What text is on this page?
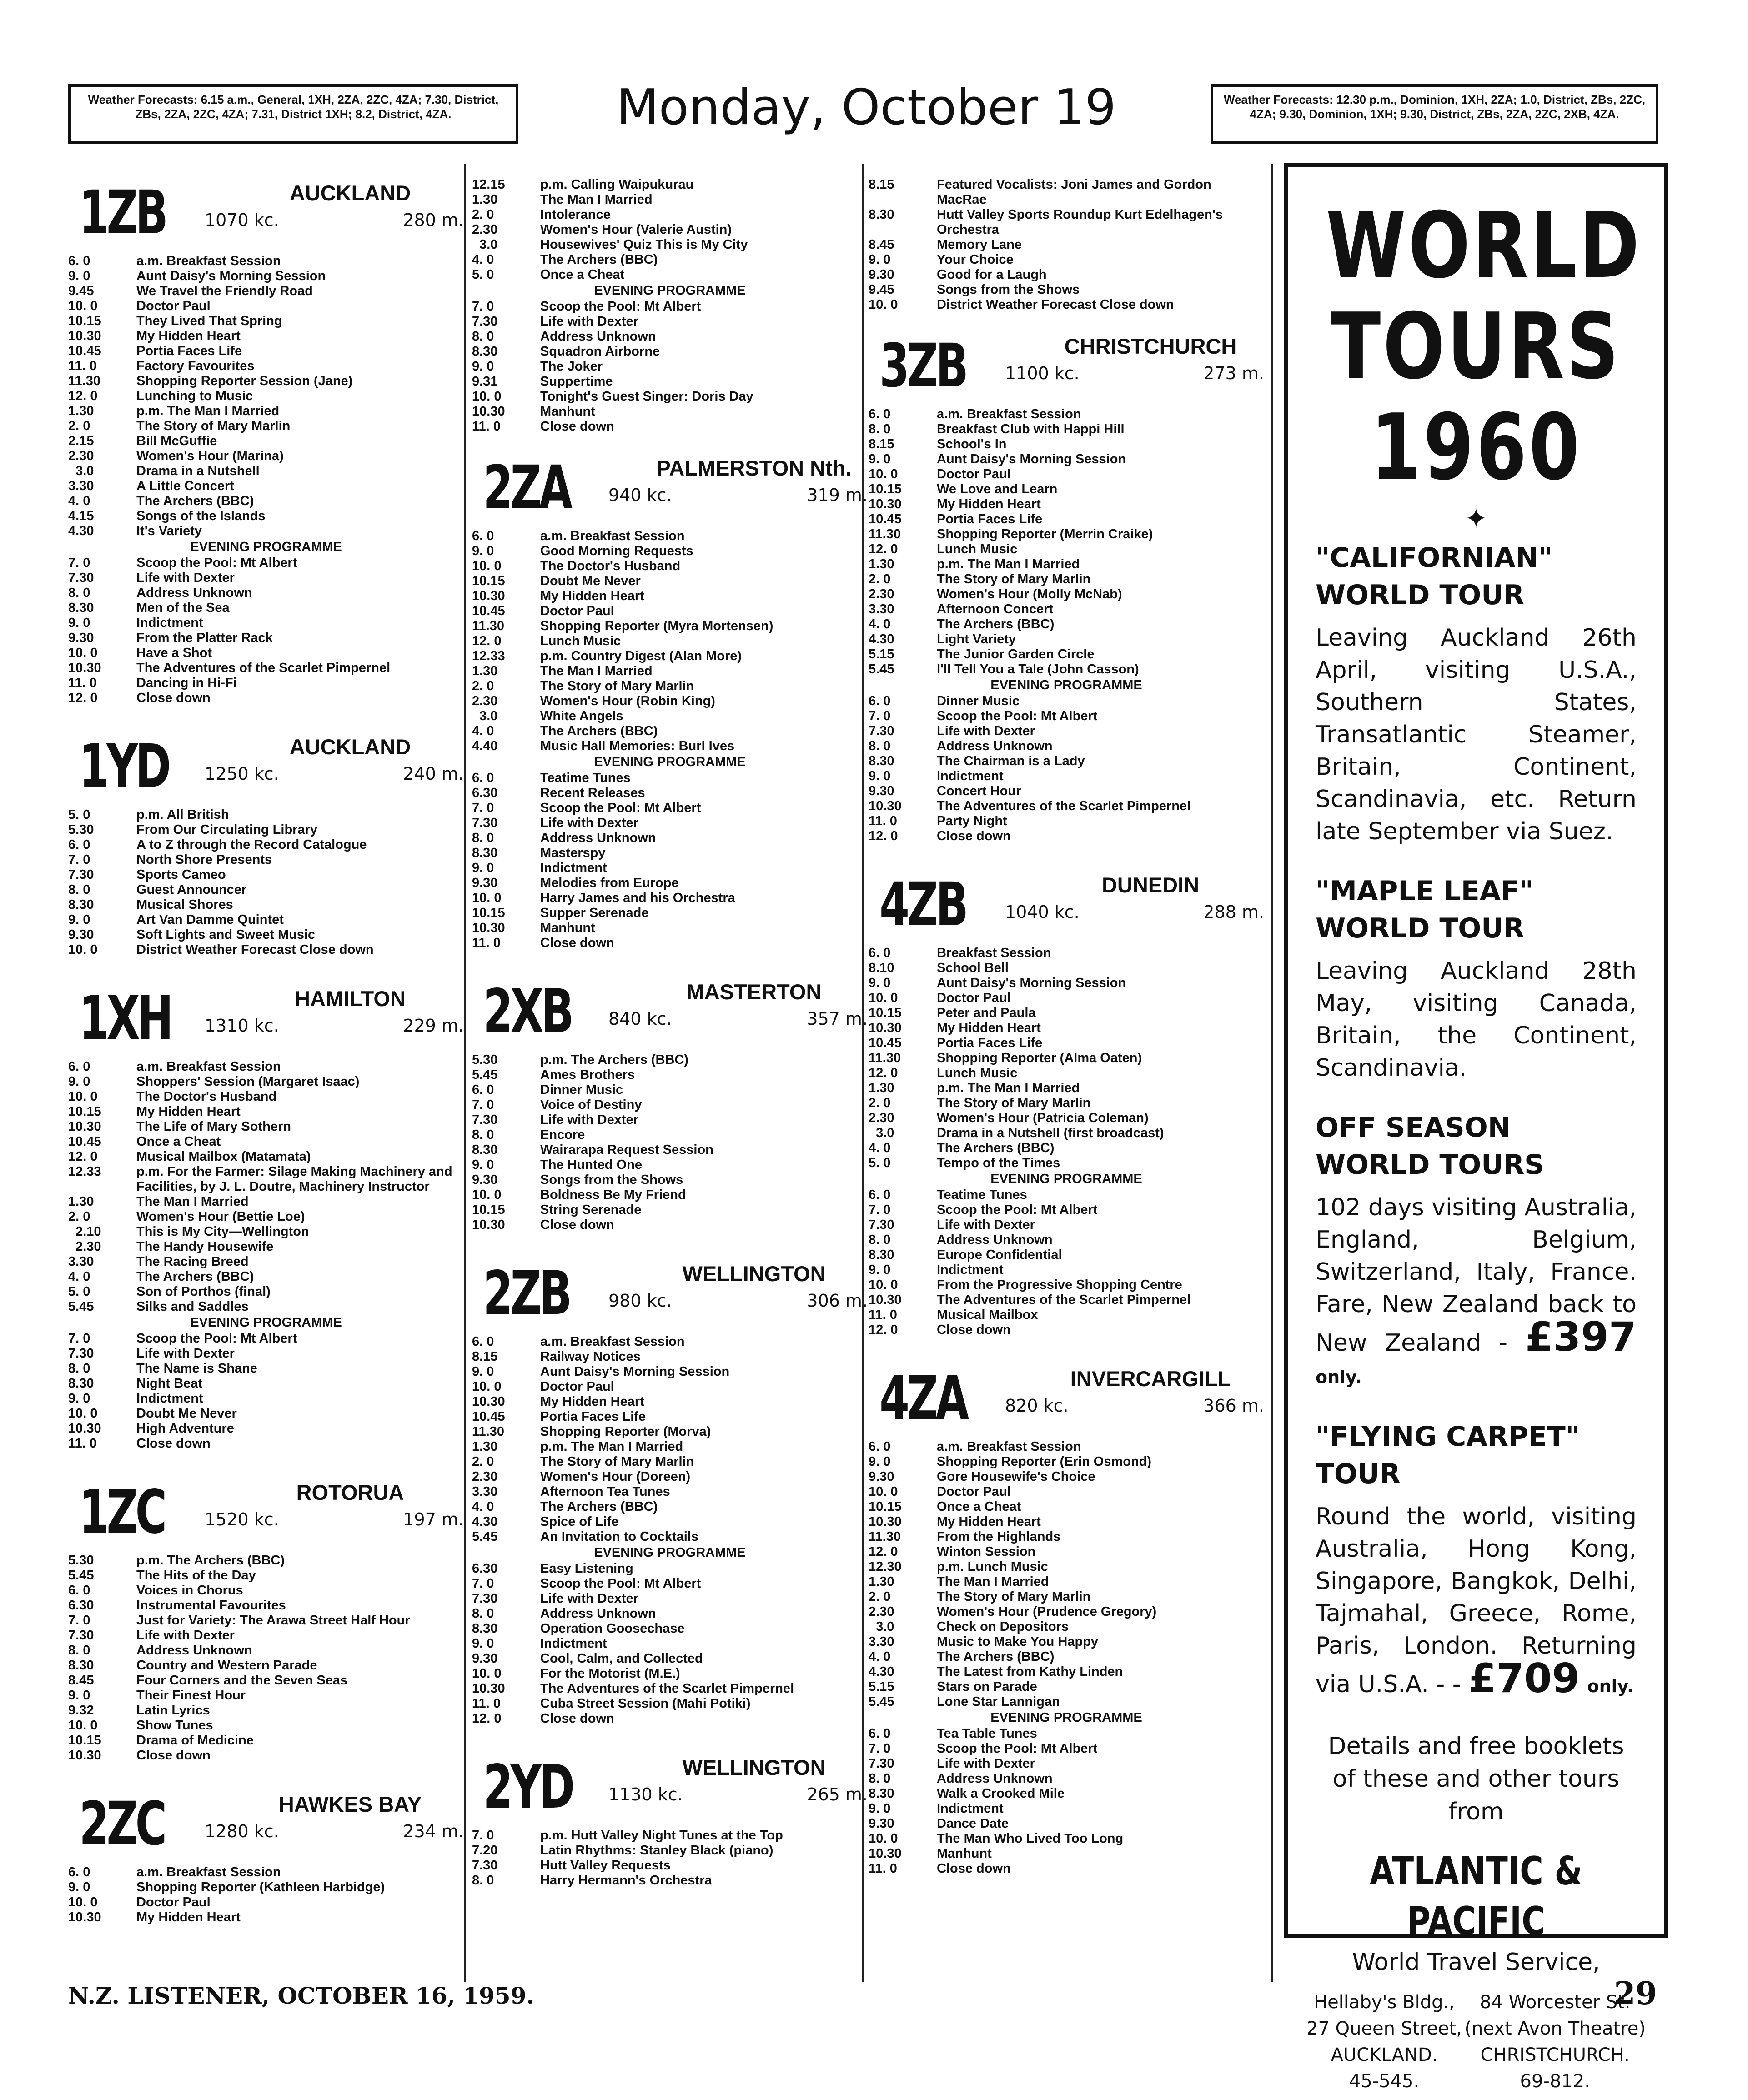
Weather Forecasts: 6.15 a.m., General, 1XH, 2ZA, 2ZC, 4ZA; 7.30, District, ZBs, 2ZA, 2ZC, 4ZA; 7.31, District 1XH; 8.2, District, 4ZA.	Monday, October 19	Weather Forecasts: 12.30 p.m., Dominion, 1XH, 2ZA; 1.0, District, ZBs, 2ZC, 4ZA; 9.30, Dominion, 1XH; 9.30, District, ZBs, 2ZA, 2ZC, 2XB, 4ZA.
1ZB	AUCKLAND
1070 kc.	280 m.
6. 0	a.m. Breakfast Session
9. 0	Aunt Daisy's Morning Session
9.45	We Travel the Friendly Road
10. 0	Doctor Paul
10.15	They Lived That Spring
10.30	My Hidden Heart
10.45	Portia Faces Life
11. 0	Factory Favourites
11.30	Shopping Reporter Session (Jane)
12. 0	Lunching to Music
1.30	p.m. The Man I Married
2. 0	The Story of Mary Marlin
2.15	Bill McGuffie
2.30	Women's Hour (Marina)
3.0	Drama in a Nutshell
3.30	A Little Concert
4. 0	The Archers (BBC)
4.15	Songs of the Islands
4.30	It's Variety
EVENING PROGRAMME
7. 0	Scoop the Pool: Mt Albert
7.30	Life with Dexter
8. 0	Address Unknown
8.30	Men of the Sea
9. 0	Indictment
9.30	From the Platter Rack
10. 0	Have a Shot
10.30	The Adventures of the Scarlet Pimpernel
11. 0	Dancing in Hi-Fi
12. 0	Close down
1YD	AUCKLAND
1250 kc.	240 m.
5. 0	p.m. All British
5.30	From Our Circulating Library
6. 0	A to Z through the Record Catalogue
7. 0	North Shore Presents
7.30	Sports Cameo
8. 0	Guest Announcer
8.30	Musical Shores
9. 0	Art Van Damme Quintet
9.30	Soft Lights and Sweet Music
10. 0	District Weather Forecast Close down
1XH	HAMILTON
1310 kc.	229 m.
6. 0	a.m. Breakfast Session
9. 0	Shoppers' Session (Margaret Isaac)
10. 0	The Doctor's Husband
10.15	My Hidden Heart
10.30	The Life of Mary Sothern
10.45	Once a Cheat
12. 0	Musical Mailbox (Matamata)
12.33	p.m. For the Farmer: Silage Making Machinery and Facilities, by J. L. Doutre, Machinery Instructor
1.30	The Man I Married
2. 0	Women's Hour (Bettie Loe)
2.10	This is My City—Wellington
2.30	The Handy Housewife
3.30	The Racing Breed
4. 0	The Archers (BBC)
5. 0	Son of Porthos (final)
5.45	Silks and Saddles
EVENING PROGRAMME
7. 0	Scoop the Pool: Mt Albert
7.30	Life with Dexter
8. 0	The Name is Shane
8.30	Night Beat
9. 0	Indictment
10. 0	Doubt Me Never
10.30	High Adventure
11. 0	Close down
1ZC	ROTORUA
1520 kc.	197 m.
5.30	p.m. The Archers (BBC)
5.45	The Hits of the Day
6. 0	Voices in Chorus
6.30	Instrumental Favourites
7. 0	Just for Variety: The Arawa Street Half Hour
7.30	Life with Dexter
8. 0	Address Unknown
8.30	Country and Western Parade
8.45	Four Corners and the Seven Seas
9. 0	Their Finest Hour
9.32	Latin Lyrics
10. 0	Show Tunes
10.15	Drama of Medicine
10.30	Close down
2ZC	HAWKES BAY
1280 kc.	234 m.
6. 0	a.m. Breakfast Session
9. 0	Shopping Reporter (Kathleen Harbidge)
10. 0	Doctor Paul
10.30	My Hidden Heart
12.15	p.m. Calling Waipukurau
1.30	The Man I Married
2. 0	Intolerance
2.30	Women's Hour (Valerie Austin)
3.0	Housewives' Quiz This is My City
4. 0	The Archers (BBC)
5. 0	Once a Cheat
EVENING PROGRAMME
7. 0	Scoop the Pool: Mt Albert
7.30	Life with Dexter
8. 0	Address Unknown
8.30	Squadron Airborne
9. 0	The Joker
9.31	Suppertime
10. 0	Tonight's Guest Singer: Doris Day
10.30	Manhunt
11. 0	Close down
2ZA	PALMERSTON Nth.
940 kc.	319 m.
6. 0	a.m. Breakfast Session
9. 0	Good Morning Requests
10. 0	The Doctor's Husband
10.15	Doubt Me Never
10.30	My Hidden Heart
10.45	Doctor Paul
11.30	Shopping Reporter (Myra Mortensen)
12. 0	Lunch Music
12.33	p.m. Country Digest (Alan More)
1.30	The Man I Married
2. 0	The Story of Mary Marlin
2.30	Women's Hour (Robin King)
3.0	White Angels
4. 0	The Archers (BBC)
4.40	Music Hall Memories: Burl Ives
EVENING PROGRAMME
6. 0	Teatime Tunes
6.30	Recent Releases
7. 0	Scoop the Pool: Mt Albert
7.30	Life with Dexter
8. 0	Address Unknown
8.30	Masterspy
9. 0	Indictment
9.30	Melodies from Europe
10. 0	Harry James and his Orchestra
10.15	Supper Serenade
10.30	Manhunt
11. 0	Close down
2XB	MASTERTON
840 kc.	357 m.
5.30	p.m. The Archers (BBC)
5.45	Ames Brothers
6. 0	Dinner Music
7. 0	Voice of Destiny
7.30	Life with Dexter
8. 0	Encore
8.30	Wairarapa Request Session
9. 0	The Hunted One
9.30	Songs from the Shows
10. 0	Boldness Be My Friend
10.15	String Serenade
10.30	Close down
2ZB	WELLINGTON
980 kc.	306 m.
6. 0	a.m. Breakfast Session
8.15	Railway Notices
9. 0	Aunt Daisy's Morning Session
10. 0	Doctor Paul
10.30	My Hidden Heart
10.45	Portia Faces Life
11.30	Shopping Reporter (Morva)
1.30	p.m. The Man I Married
2. 0	The Story of Mary Marlin
2.30	Women's Hour (Doreen)
3.30	Afternoon Tea Tunes
4. 0	The Archers (BBC)
4.30	Spice of Life
5.45	An Invitation to Cocktails
EVENING PROGRAMME
6.30	Easy Listening
7. 0	Scoop the Pool: Mt Albert
7.30	Life with Dexter
8. 0	Address Unknown
8.30	Operation Goosechase
9. 0	Indictment
9.30	Cool, Calm, and Collected
10. 0	For the Motorist (M.E.)
10.30	The Adventures of the Scarlet Pimpernel
11. 0	Cuba Street Session (Mahi Potiki)
12. 0	Close down
2YD	WELLINGTON
1130 kc.	265 m.
7. 0	p.m. Hutt Valley Night Tunes at the Top
7.20	Latin Rhythms: Stanley Black (piano)
7.30	Hutt Valley Requests
8. 0	Harry Hermann's Orchestra
8.15	Featured Vocalists: Joni James and Gordon MacRae
8.30	Hutt Valley Sports Roundup Kurt Edelhagen's Orchestra
8.45	Memory Lane
9. 0	Your Choice
9.30	Good for a Laugh
9.45	Songs from the Shows
10. 0	District Weather Forecast Close down
3ZB	CHRISTCHURCH
1100 kc.	273 m.
6. 0	a.m. Breakfast Session
8. 0	Breakfast Club with Happi Hill
8.15	School's In
9. 0	Aunt Daisy's Morning Session
10. 0	Doctor Paul
10.15	We Love and Learn
10.30	My Hidden Heart
10.45	Portia Faces Life
11.30	Shopping Reporter (Merrin Craike)
12. 0	Lunch Music
1.30	p.m. The Man I Married
2. 0	The Story of Mary Marlin
2.30	Women's Hour (Molly McNab)
3.30	Afternoon Concert
4. 0	The Archers (BBC)
4.30	Light Variety
5.15	The Junior Garden Circle
5.45	I'll Tell You a Tale (John Casson)
EVENING PROGRAMME
6. 0	Dinner Music
7. 0	Scoop the Pool: Mt Albert
7.30	Life with Dexter
8. 0	Address Unknown
8.30	The Chairman is a Lady
9. 0	Indictment
9.30	Concert Hour
10.30	The Adventures of the Scarlet Pimpernel
11. 0	Party Night
12. 0	Close down
4ZB	DUNEDIN
1040 kc.	288 m.
6. 0	Breakfast Session
8.10	School Bell
9. 0	Aunt Daisy's Morning Session
10. 0	Doctor Paul
10.15	Peter and Paula
10.30	My Hidden Heart
10.45	Portia Faces Life
11.30	Shopping Reporter (Alma Oaten)
12. 0	Lunch Music
1.30	p.m. The Man I Married
2. 0	The Story of Mary Marlin
2.30	Women's Hour (Patricia Coleman)
3.0	Drama in a Nutshell (first broadcast)
4. 0	The Archers (BBC)
5. 0	Tempo of the Times
EVENING PROGRAMME
6. 0	Teatime Tunes
7. 0	Scoop the Pool: Mt Albert
7.30	Life with Dexter
8. 0	Address Unknown
8.30	Europe Confidential
9. 0	Indictment
10. 0	From the Progressive Shopping Centre
10.30	The Adventures of the Scarlet Pimpernel
11. 0	Musical Mailbox
12. 0	Close down
4ZA	INVERCARGILL
820 kc.	366 m.
6. 0	a.m. Breakfast Session
9. 0	Shopping Reporter (Erin Osmond)
9.30	Gore Housewife's Choice
10. 0	Doctor Paul
10.15	Once a Cheat
10.30	My Hidden Heart
11.30	From the Highlands
12. 0	Winton Session
12.30	p.m. Lunch Music
1.30	The Man I Married
2. 0	The Story of Mary Marlin
2.30	Women's Hour (Prudence Gregory)
3.0	Check on Depositors
3.30	Music to Make You Happy
4. 0	The Archers (BBC)
4.30	The Latest from Kathy Linden
5.15	Stars on Parade
5.45	Lone Star Lannigan
EVENING PROGRAMME
6. 0	Tea Table Tunes
7. 0	Scoop the Pool: Mt Albert
7.30	Life with Dexter
8. 0	Address Unknown
8.30	Walk a Crooked Mile
9. 0	Indictment
9.30	Dance Date
10. 0	The Man Who Lived Too Long
10.30	Manhunt
11. 0	Close down
WORLD
TOURS
1960
✦
"CALIFORNIAN"
WORLD TOUR

Leaving Auckland 26th April, visiting U.S.A., Southern States, Transatlantic Steamer, Britain, Continent, Scandinavia, etc. Return late September via Suez.

"MAPLE LEAF"
WORLD TOUR

Leaving Auckland 28th May, visiting Canada, Britain, the Continent, Scandinavia.

OFF SEASON
WORLD TOURS

102 days visiting Australia, England, Belgium, Switzerland, Italy, France. Fare, New Zealand back to New Zealand - £397 only.

"FLYING CARPET"
TOUR

Round the world, visiting Australia, Hong Kong, Singapore, Bangkok, Delhi, Tajmahal, Greece, Rome, Paris, London. Returning via U.S.A. - - £709 only.

Details and free booklets of these and other tours from
ATLANTIC & PACIFIC
World Travel Service,
Hellaby's Bldg.,
27 Queen Street,
AUCKLAND.
45-545.
84 Worcester St.
(next Avon Theatre)
CHRISTCHURCH.
69-812.
N.Z. LISTENER, OCTOBER 16, 1959.	29
